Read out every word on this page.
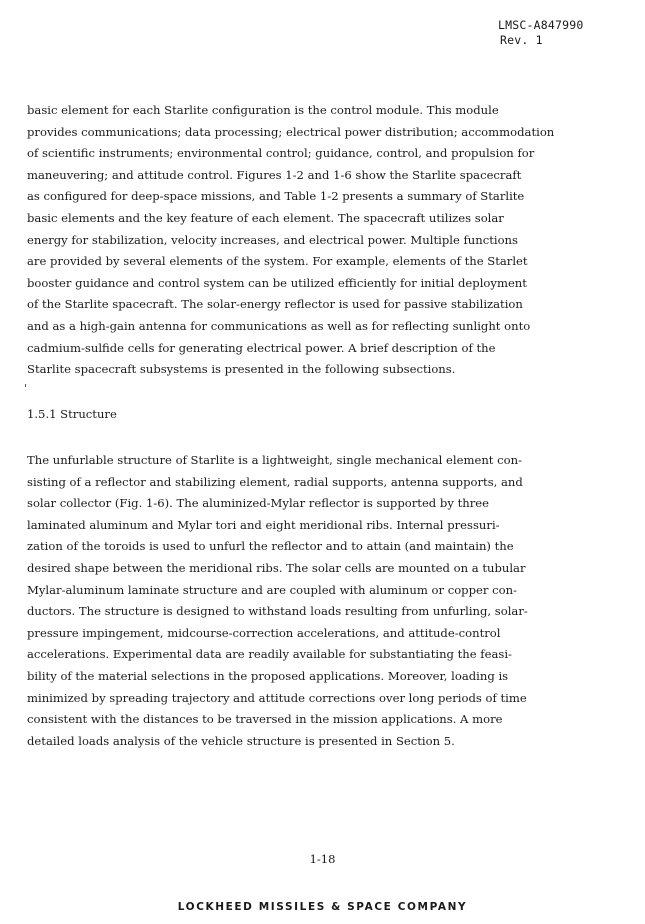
LMSC-A847990
Rev. 1
basic element for each Starlite configuration is the control module. This module
provides communications; data processing; electrical power distribution; accommodation
of scientific instruments; environmental control; guidance, control, and propulsion for
maneuvering; and attitude control. Figures 1-2 and 1-6 show the Starlite spacecraft
as configured for deep-space missions, and Table 1-2 presents a summary of Starlite
basic elements and the key feature of each element. The spacecraft utilizes solar
energy for stabilization, velocity increases, and electrical power. Multiple functions
are provided by several elements of the system. For example, elements of the Starlet
booster guidance and control system can be utilized efficiently for initial deployment
of the Starlite spacecraft. The solar-energy reflector is used for passive stabilization
and as a high-gain antenna for communications as well as for reflecting sunlight onto
cadmium-sulfide cells for generating electrical power. A brief description of the
Starlite spacecraft subsystems is presented in the following subsections.
1.5.1 Structure
The unfurlable structure of Starlite is a lightweight, single mechanical element con-
sisting of a reflector and stabilizing element, radial supports, antenna supports, and
solar collector (Fig. 1-6). The aluminized-Mylar reflector is supported by three
laminated aluminum and Mylar tori and eight meridional ribs. Internal pressuri-
zation of the toroids is used to unfurl the reflector and to attain (and maintain) the
desired shape between the meridional ribs. The solar cells are mounted on a tubular
Mylar-aluminum laminate structure and are coupled with aluminum or copper con-
ductors. The structure is designed to withstand loads resulting from unfurling, solar-
pressure impingement, midcourse-correction accelerations, and attitude-control
accelerations. Experimental data are readily available for substantiating the feasi-
bility of the material selections in the proposed applications. Moreover, loading is
minimized by spreading trajectory and attitude corrections over long periods of time
consistent with the distances to be traversed in the mission applications. A more
detailed loads analysis of the vehicle structure is presented in Section 5.
1-18
LOCKHEED MISSILES & SPACE COMPANY
